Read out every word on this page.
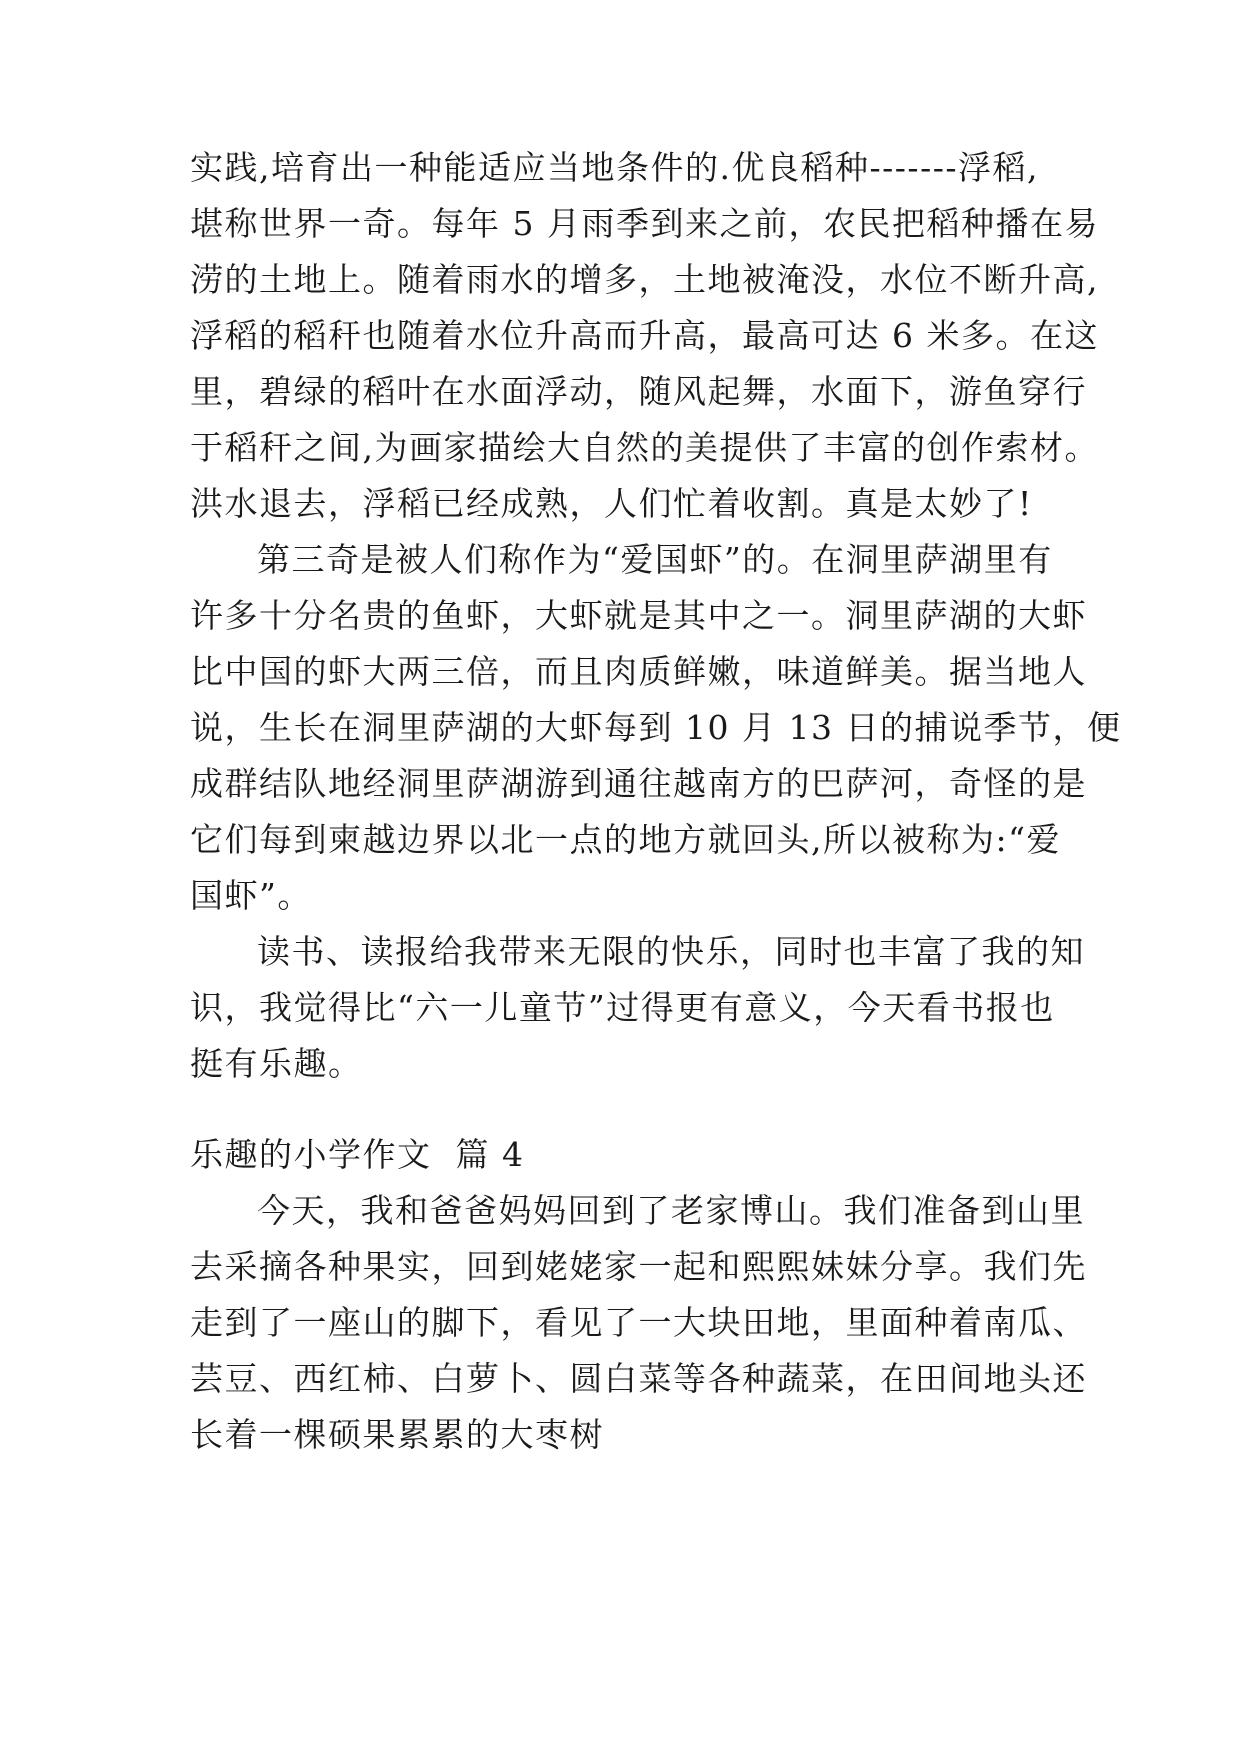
实践,培育出一种能适应当地条件的.优良稻种-------浮稻,
堪称世界一奇。每年 5 月雨季到来之前，农民把稻种播在易
涝的土地上。随着雨水的增多，土地被淹没，水位不断升高,
浮稻的稻秆也随着水位升高而升高，最高可达 6 米多。在这
里，碧绿的稻叶在水面浮动，随风起舞，水面下，游鱼穿行
于稻秆之间,为画家描绘大自然的美提供了丰富的创作索材。
洪水退去，浮稻已经成熟，人们忙着收割。真是太妙了!
第三奇是被人们称作为“爱国虾”的。在洞里萨湖里有
许多十分名贵的鱼虾，大虾就是其中之一。洞里萨湖的大虾
比中国的虾大两三倍，而且肉质鲜嫩，味道鲜美。据当地人
说，生长在洞里萨湖的大虾每到 10 月 13 日的捕说季节，便
成群结队地经洞里萨湖游到通往越南方的巴萨河，奇怪的是
它们每到柬越边界以北一点的地方就回头,所以被称为:“爱
国虾”。
读书、读报给我带来无限的快乐，同时也丰富了我的知
识，我觉得比“六一儿童节”过得更有意义，今天看书报也
挺有乐趣。
乐趣的小学作文  篇 4
今天，我和爸爸妈妈回到了老家博山。我们准备到山里
去采摘各种果实，回到姥姥家一起和熙熙妹妹分享。我们先
走到了一座山的脚下，看见了一大块田地，里面种着南瓜、
芸豆、西红柿、白萝卜、圆白菜等各种蔬菜，在田间地头还
长着一棵硕果累累的大枣树
